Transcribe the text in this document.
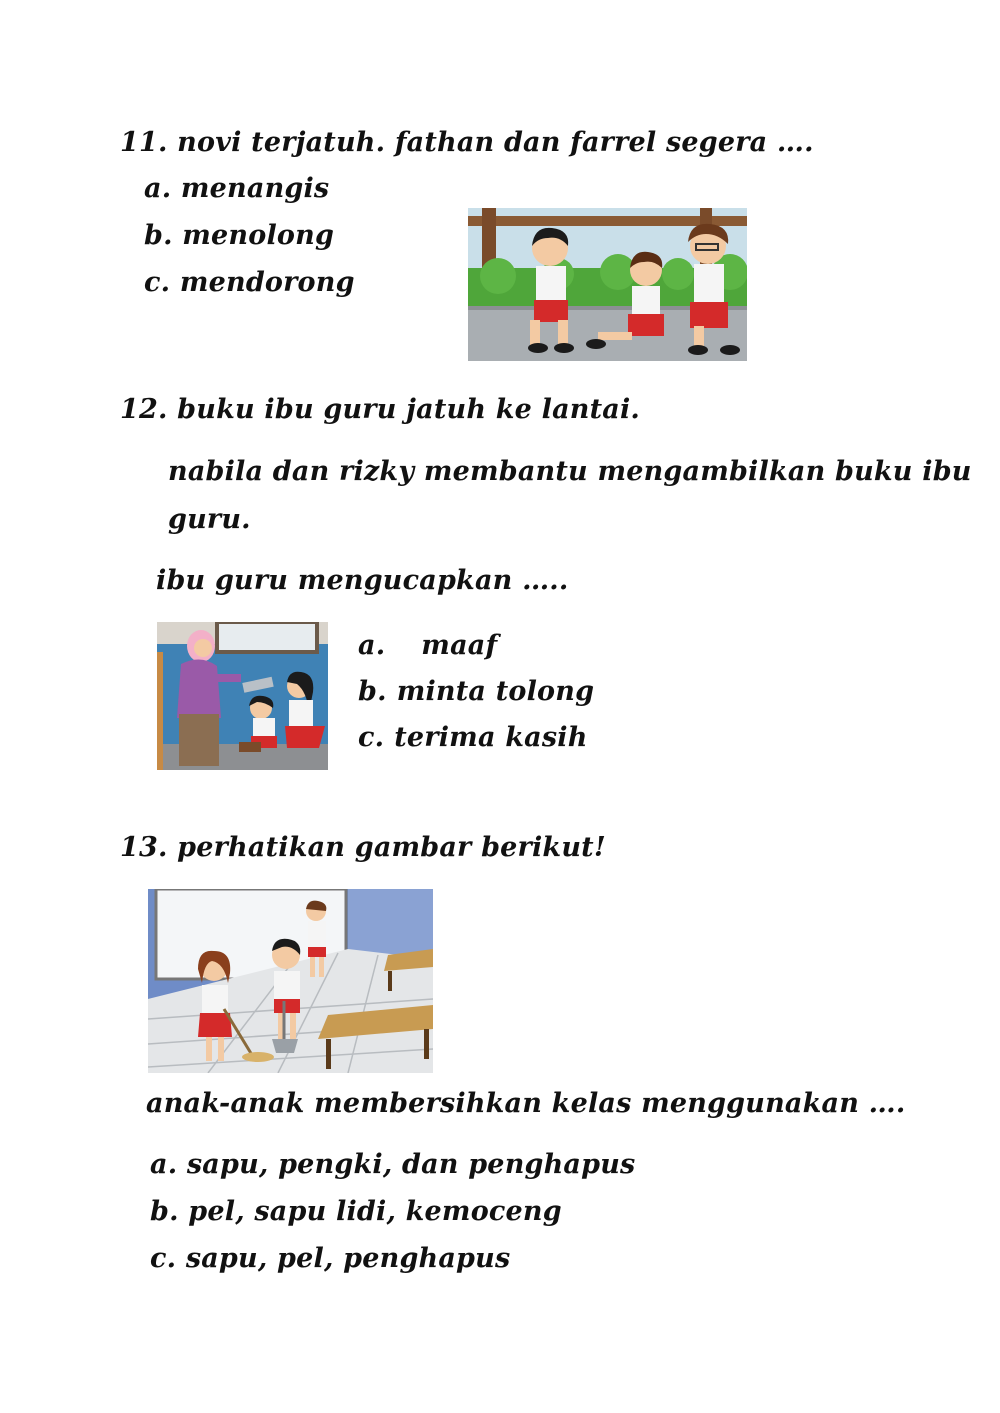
11. novi terjatuh. fathan dan farrel segera ….
a. menangis
b. menolong
c. mendorong
12. buku ibu guru jatuh ke lantai.
nabila dan rizky membantu mengambilkan buku ibu
guru.
ibu guru mengucapkan …..
a. maaf
b. minta tolong
c. terima kasih
13. perhatikan gambar berikut!
anak-anak membersihkan kelas menggunakan ….
a. sapu, pengki, dan penghapus
b. pel, sapu lidi, kemoceng
c. sapu, pel, penghapus
